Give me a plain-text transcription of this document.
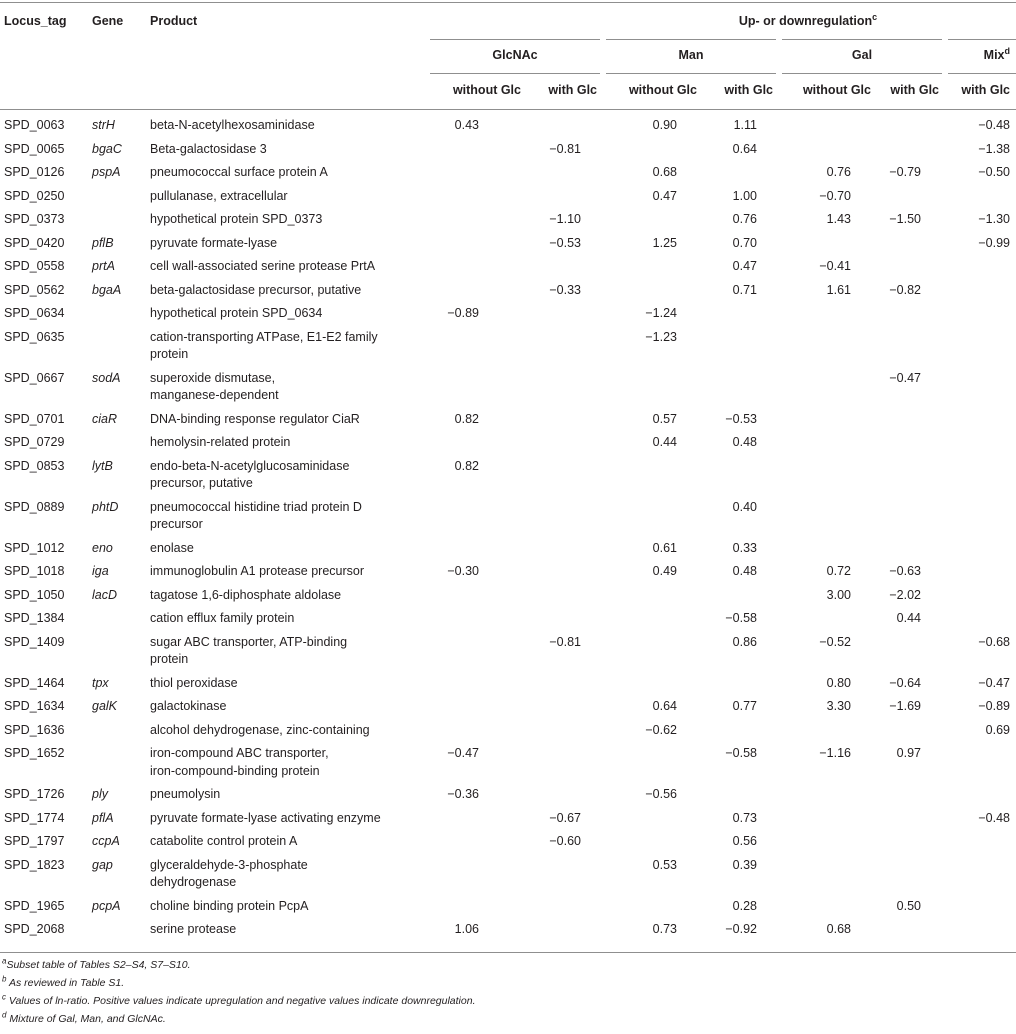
Locus_tag	Gene	Product	Up- or downregulation$^c$
			GlcNAc		Man		Gal		Mix$^d$
			without Glc	with Glc	without Glc	with Glc	without Glc	with Glc	with Glc
SPD_0063	strH	beta-N-acetylhexosaminidase	0.43		0.90	1.11			−0.48
SPD_0065	bgaC	Beta-galactosidase 3		−0.81		0.64			−1.38
SPD_0126	pspA	pneumococcal surface protein A			0.68		0.76	−0.79	−0.50
SPD_0250		pullulanase, extracellular			0.47	1.00	−0.70		
SPD_0373		hypothetical protein SPD_0373		−1.10		0.76	1.43	−1.50	−1.30
SPD_0420	pflB	pyruvate formate-lyase		−0.53	1.25	0.70			−0.99
SPD_0558	prtA	cell wall-associated serine protease PrtA				0.47	−0.41		
SPD_0562	bgaA	beta-galactosidase precursor, putative		−0.33		0.71	1.61	−0.82	
SPD_0634		hypothetical protein SPD_0634	−0.89		−1.24				
SPD_0635		cation-transporting ATPase, E1-E2 family
protein			−1.23				
SPD_0667	sodA	superoxide dismutase,
manganese-dependent						−0.47	
SPD_0701	ciaR	DNA-binding response regulator CiaR	0.82		0.57	−0.53			
SPD_0729		hemolysin-related protein			0.44	0.48			
SPD_0853	lytB	endo-beta-N-acetylglucosaminidase
precursor, putative	0.82						
SPD_0889	phtD	pneumococcal histidine triad protein D
precursor				0.40			
SPD_1012	eno	enolase			0.61	0.33			
SPD_1018	iga	immunoglobulin A1 protease precursor	−0.30		0.49	0.48	0.72	−0.63	
SPD_1050	lacD	tagatose 1,6-diphosphate aldolase					3.00	−2.02	
SPD_1384		cation efflux family protein				−0.58		0.44	
SPD_1409		sugar ABC transporter, ATP-binding
protein		−0.81		0.86	−0.52		−0.68
SPD_1464	tpx	thiol peroxidase					0.80	−0.64	−0.47
SPD_1634	galK	galactokinase			0.64	0.77	3.30	−1.69	−0.89
SPD_1636		alcohol dehydrogenase, zinc-containing			−0.62				0.69
SPD_1652		iron-compound ABC transporter,
iron-compound-binding protein	−0.47			−0.58	−1.16	0.97	
SPD_1726	ply	pneumolysin	−0.36		−0.56				
SPD_1774	pflA	pyruvate formate-lyase activating enzyme		−0.67		0.73			−0.48
SPD_1797	ccpA	catabolite control protein A		−0.60		0.56			
SPD_1823	gap	glyceraldehyde-3-phosphate
dehydrogenase			0.53	0.39			
SPD_1965	pcpA	choline binding protein PcpA				0.28		0.50	
SPD_2068		serine protease	1.06		0.73	−0.92	0.68		
$^a$Subset table of Tables S2–S4, S7–S10.
$^b$ As reviewed in Table S1.
$^c$ Values of ln-ratio. Positive values indicate upregulation and negative values indicate downregulation.
$^d$ Mixture of Gal, Man, and GlcNAc.
